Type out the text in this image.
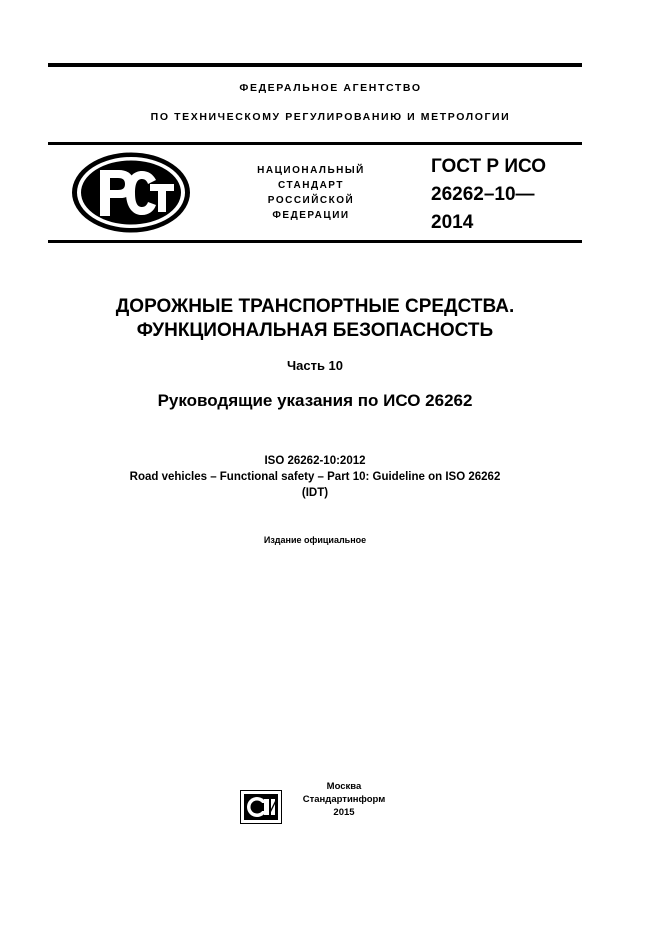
ФЕДЕРАЛЬНОЕ АГЕНТСТВО
ПО ТЕХНИЧЕСКОМУ РЕГУЛИРОВАНИЮ И МЕТРОЛОГИИ
НАЦИОНАЛЬНЫЙ
СТАНДАРТ
РОССИЙСКОЙ
ФЕДЕРАЦИИ
ГОСТ Р ИСО
26262–10—
2014
ДОРОЖНЫЕ ТРАНСПОРТНЫЕ СРЕДСТВА.
ФУНКЦИОНАЛЬНАЯ БЕЗОПАСНОСТЬ
Часть 10
Руководящие указания по ИСО 26262
ISO 26262-10:2012
Road vehicles – Functional safety – Part 10: Guideline on ISO 26262
(IDT)
Издание официальное
Москва
Стандартинформ
2015
